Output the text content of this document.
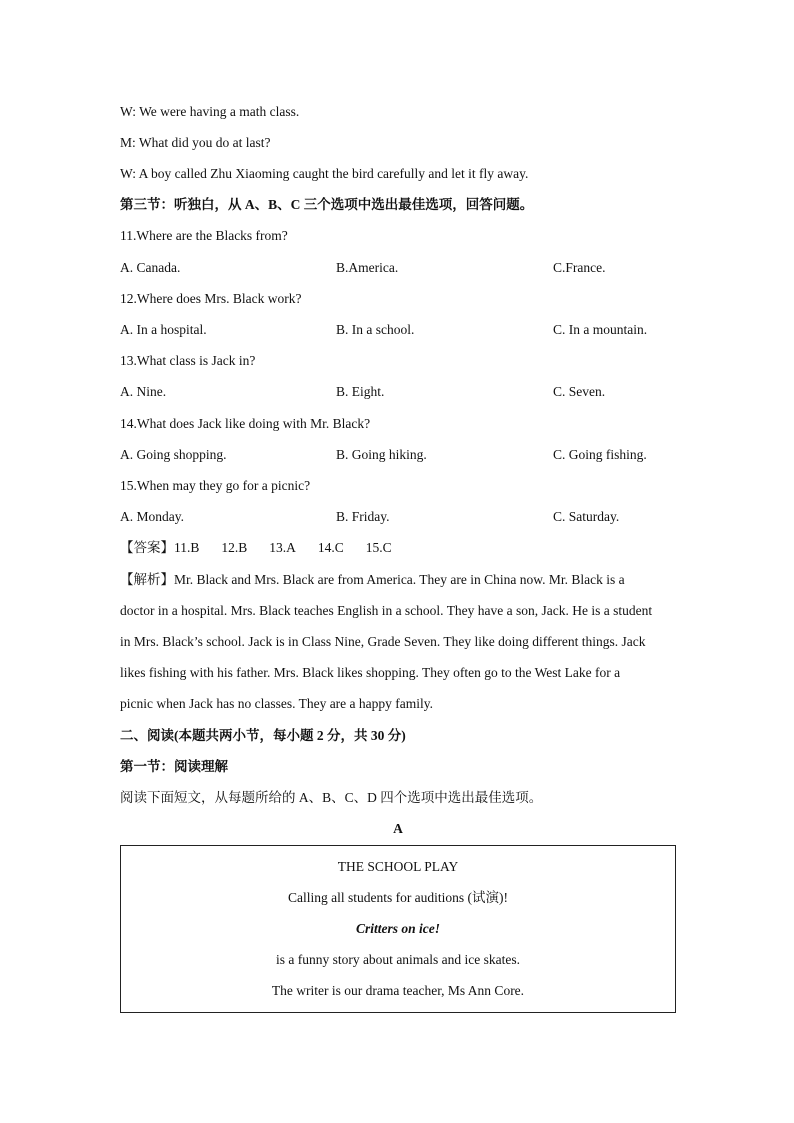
W: We were having a math class.
M: What did you do at last?
W: A boy called Zhu Xiaoming caught the bird carefully and let it fly away.
第三节：听独白，从 A、B、C 三个选项中选出最佳选项，回答问题。
11.Where are the Blacks from?
A. Canada.	B.America.	C.France.
12.Where does Mrs. Black work?
A. In a hospital.	B. In a school.	C. In a mountain.
13.What class is Jack in?
A. Nine.	B. Eight.	C. Seven.
14.What does Jack like doing with Mr. Black?
A. Going shopping.	B. Going hiking.	C. Going fishing.
15.When may they go for a picnic?
A. Monday.	B. Friday.	C. Saturday.
【答案】11.B 12.B 13.A 14.C 15.C
【解析】Mr. Black and Mrs. Black are from America. They are in China now. Mr. Black is a
doctor in a hospital. Mrs. Black teaches English in a school. They have a son, Jack. He is a student
in Mrs. Black’s school. Jack is in Class Nine, Grade Seven. They like doing different things. Jack
likes fishing with his father. Mrs. Black likes shopping. They often go to the West Lake for a
picnic when Jack has no classes. They are a happy family.
二、阅读(本题共两小节，每小题 2 分，共 30 分)
第一节：阅读理解
阅读下面短文，从每题所给的 A、B、C、D 四个选项中选出最佳选项。
A
THE SCHOOL PLAY
Calling all students for auditions (试演)!
Critters on ice!
is a funny story about animals and ice skates.
The writer is our drama teacher, Ms Ann Core.
